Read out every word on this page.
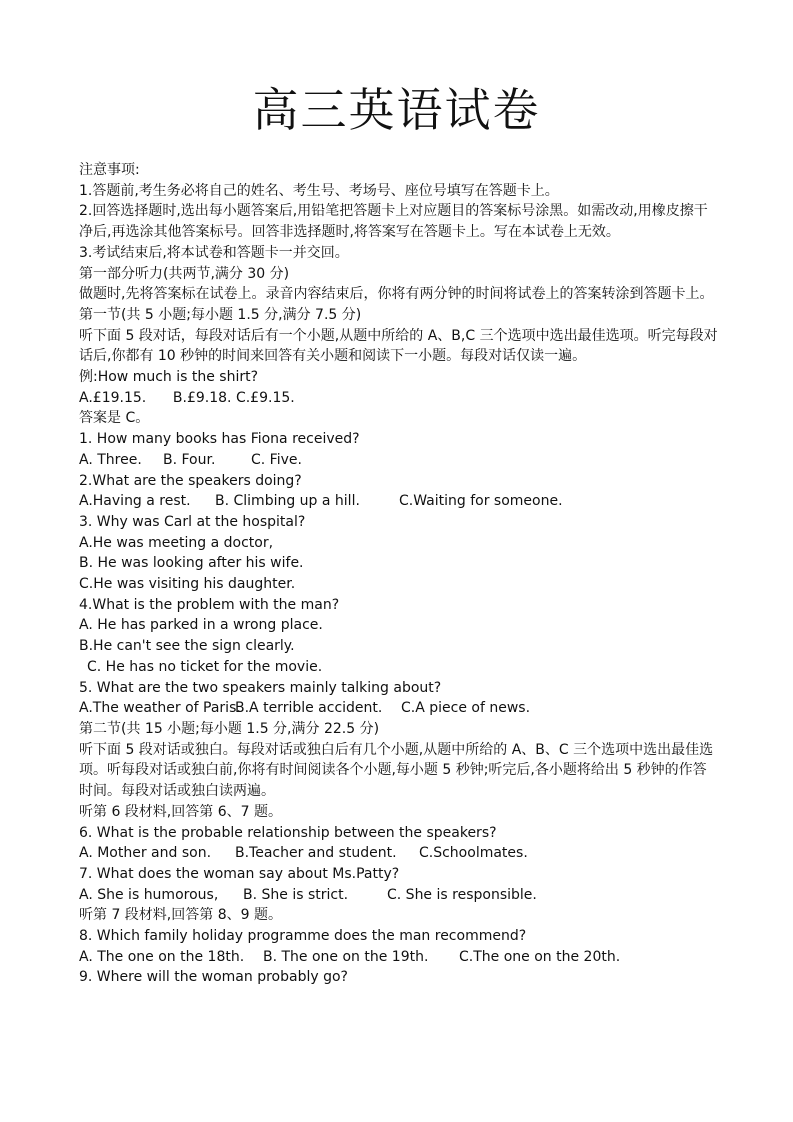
高三英语试卷
注意事项:
1.答题前,考生务必将自己的姓名、考生号、考场号、座位号填写在答题卡上。
2.回答选择题时,选出每小题答案后,用铅笔把答题卡上对应题目的答案标号涂黑。如需改动,用橡皮擦干净后,再选涂其他答案标号。回答非选择题时,将答案写在答题卡上。写在本试卷上无效。
3.考试结束后,将本试卷和答题卡一并交回。
第一部分听力(共两节,满分 30 分)
做题时,先将答案标在试卷上。录音内容结束后，你将有两分钟的时间将试卷上的答案转涂到答题卡上。
第一节(共 5 小题;每小题 1.5 分,满分 7.5 分)
听下面 5 段对话，每段对话后有一个小题,从题中所给的 A、B,C 三个选项中选出最佳选项。听完每段对话后,你都有 10 秒钟的时间来回答有关小题和阅读下一小题。每段对话仅读一遍。
例:How much is the shirt?
A.£19.15.      B.£9.18. C.£9.15.
答案是 C。
1. How many books has Fiona received?
A. Three.	B. Four.	C. Five.
2.What are the speakers doing?
A.Having a rest.	B. Climbing up a hill.	C.Waiting for someone.
3. Why was Carl at the hospital?
A.He was meeting a doctor,
B. He was looking after his wife.
C.He was visiting his daughter.
4.What is the problem with the man?
A. He has parked in a wrong place.
B.He can't see the sign clearly.
C. He has no ticket for the movie.
5. What are the two speakers mainly talking about?
A.The weather of Paris.
B.A terrible accident.	C.A piece of news.
第二节(共 15 小题;每小题 1.5 分,满分 22.5 分)
听下面 5 段对话或独白。每段对话或独白后有几个小题,从题中所给的 A、B、C 三个选项中选出最佳选项。听每段对话或独白前,你将有时间阅读各个小题,每小题 5 秒钟;听完后,各小题将给出 5 秒钟的作答时间。每段对话或独白读两遍。
听第 6 段材料,回答第 6、7 题。
6. What is the probable relationship between the speakers?
A. Mother and son.	B.Teacher and student.	C.Schoolmates.
7. What does the woman say about Ms.Patty?
A. She is humorous,	B. She is strict.	C. She is responsible.
听第 7 段材料,回答第 8、9 题。
8. Which family holiday programme does the man recommend?
A. The one on the 18th.	B. The one on the 19th.	C.The one on the 20th.
9. Where will the woman probably go?
